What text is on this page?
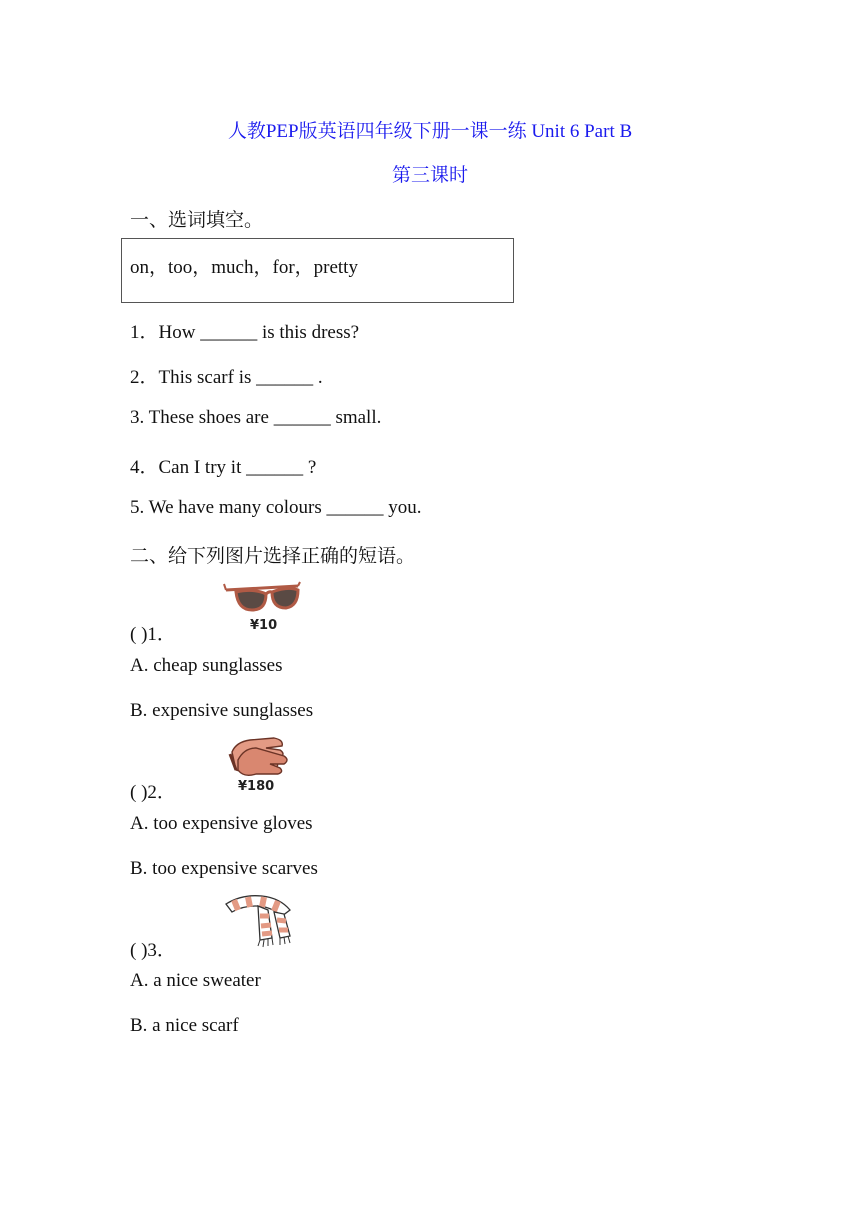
人教PEP版英语四年级下册一课一练 Unit 6 Part B
第三课时
一、选词填空。
on，too，much，for，pretty
1．How ______ is this dress?
2．This scarf is ______ .
3. These shoes are ______ small.
4．Can I try it ______ ?
5. We have many colours ______ you.
二、给下列图片选择正确的短语。
¥10
( )1．
A. cheap sunglasses
B. expensive sunglasses
¥180
( )2．
A. too expensive gloves
B. too expensive scarves
( )3．
A. a nice sweater
B. a nice scarf
